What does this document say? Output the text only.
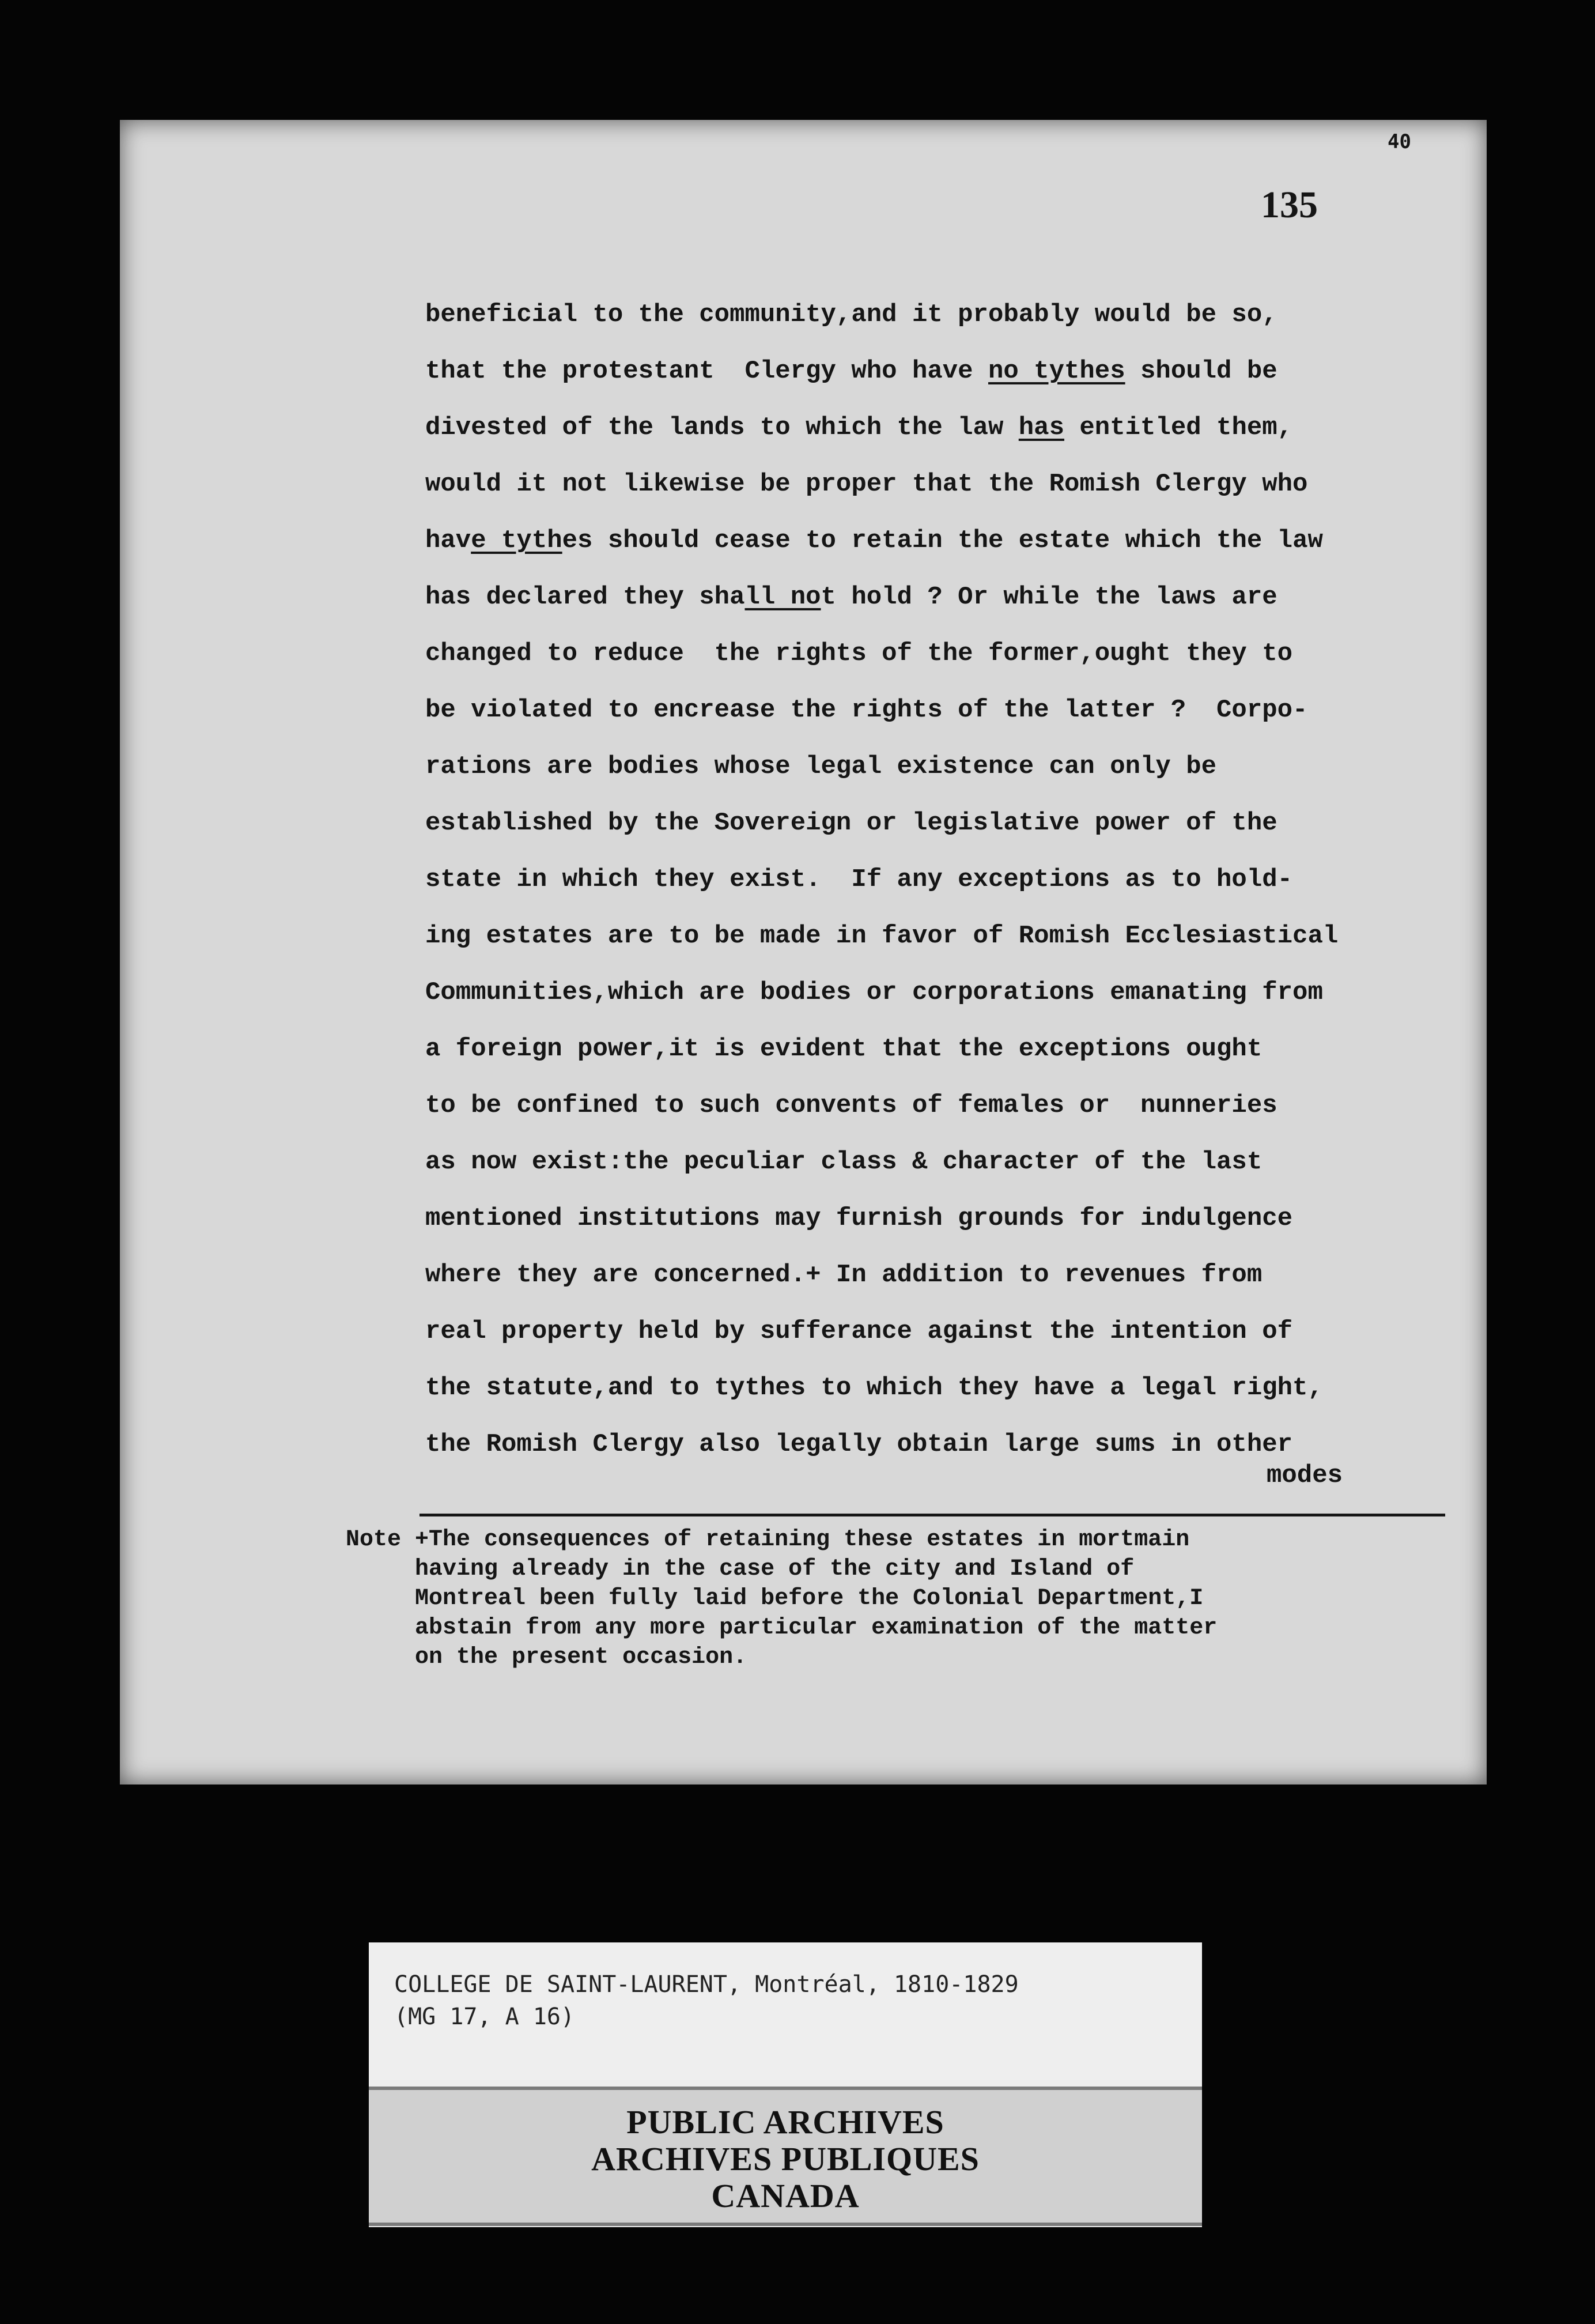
40
135
beneficial to the community,and it probably would be so,
that the protestant  Clergy who have no tythes should be
divested of the lands to which the law has entitled them,
would it not likewise be proper that the Romish Clergy who
have tythes should cease to retain the estate which the law
has declared they shall not hold ? Or while the laws are
changed to reduce  the rights of the former,ought they to
be violated to encrease the rights of the latter ?  Corpo-
rations are bodies whose legal existence can only be
established by the Sovereign or legislative power of the
state in which they exist.  If any exceptions as to hold-
ing estates are to be made in favor of Romish Ecclesiastical
Communities,which are bodies or corporations emanating from
a foreign power,it is evident that the exceptions ought
to be confined to such convents of females or  nunneries
as now exist:the peculiar class & character of the last
mentioned institutions may furnish grounds for indulgence
where they are concerned.+ In addition to revenues from
real property held by sufferance against the intention of
the statute,and to tythes to which they have a legal right,
the Romish Clergy also legally obtain large sums in other
modes
Note +The consequences of retaining these estates in mortmain
having already in the case of the city and Island of
Montreal been fully laid before the Colonial Department,I
abstain from any more particular examination of the matter
on the present occasion.
COLLEGE DE SAINT-LAURENT, Montréal, 1810-1829
(MG 17, A 16)
PUBLIC ARCHIVES
ARCHIVES PUBLIQUES
CANADA
